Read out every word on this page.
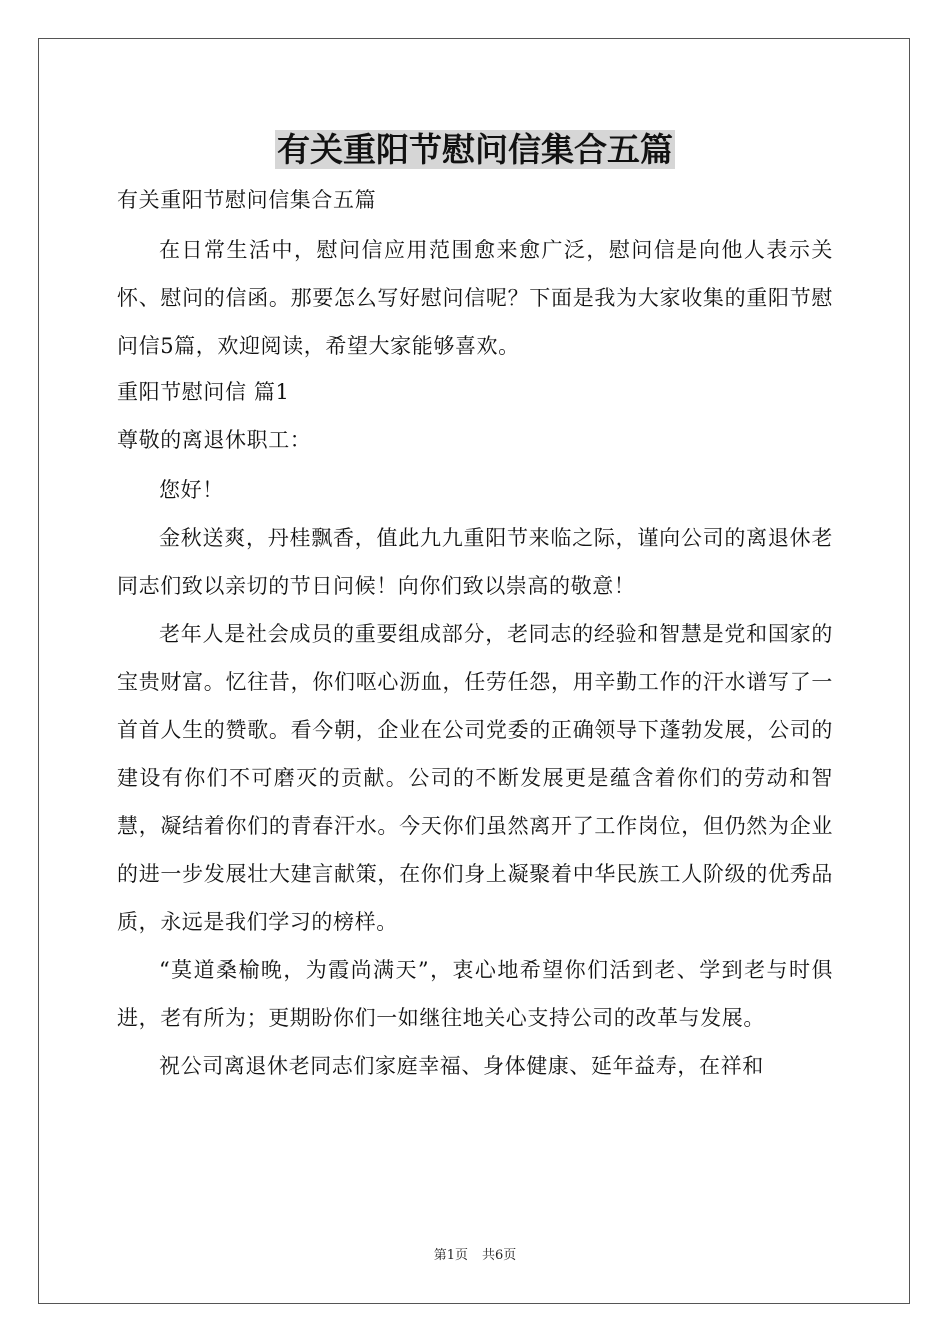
有关重阳节慰问信集合五篇

有关重阳节慰问信集合五篇

在日常生活中，慰问信应用范围愈来愈广泛，慰问信是向他人表示关怀、慰问的信函。那要怎么写好慰问信呢？下面是我为大家收集的重阳节慰问信5篇，欢迎阅读，希望大家能够喜欢。

重阳节慰问信 篇1

尊敬的离退休职工：

您好！

金秋送爽，丹桂飘香，值此九九重阳节来临之际，谨向公司的离退休老同志们致以亲切的节日问候！向你们致以崇高的敬意！

老年人是社会成员的重要组成部分，老同志的经验和智慧是党和国家的宝贵财富。忆往昔，你们呕心沥血，任劳任怨，用辛勤工作的汗水谱写了一首首人生的赞歌。看今朝，企业在公司党委的正确领导下蓬勃发展，公司的建设有你们不可磨灭的贡献。公司的不断发展更是蕴含着你们的劳动和智慧，凝结着你们的青春汗水。今天你们虽然离开了工作岗位，但仍然为企业的进一步发展壮大建言献策，在你们身上凝聚着中华民族工人阶级的优秀品质，永远是我们学习的榜样。

“莫道桑榆晚，为霞尚满天”，衷心地希望你们活到老、学到老与时俱进，老有所为；更期盼你们一如继往地关心支持公司的改革与发展。

祝公司离退休老同志们家庭幸福、身体健康、延年益寿，在祥和

第1页 共6页
